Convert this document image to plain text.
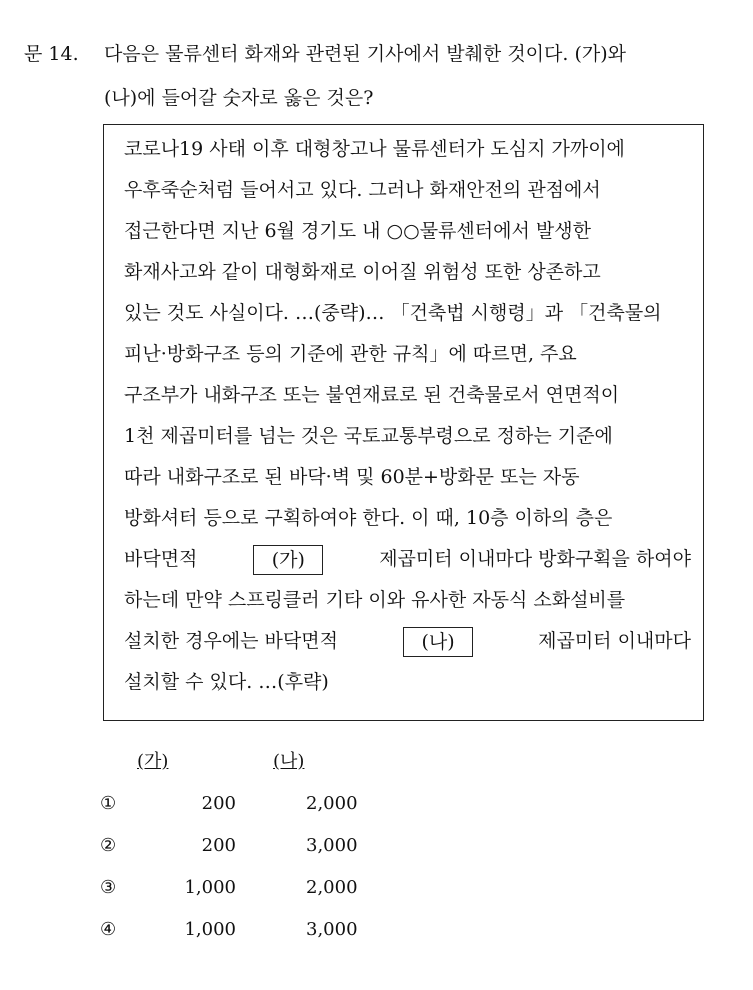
문 14.	다음은 물류센터 화재와 관련된 기사에서 발췌한 것이다. (가)와
(나)에 들어갈 숫자로 옳은 것은?
코로나19 사태 이후 대형창고나 물류센터가 도심지 가까이에
우후죽순처럼 들어서고 있다. 그러나 화재안전의 관점에서
접근한다면 지난 6월 경기도 내 ○○물류센터에서 발생한
화재사고와 같이 대형화재로 이어질 위험성 또한 상존하고
있는 것도 사실이다. …(중략)… 「건축법 시행령」과 「건축물의
피난·방화구조 등의 기준에 관한 규칙」에 따르면, 주요
구조부가 내화구조 또는 불연재료로 된 건축물로서 연면적이
1천 제곱미터를 넘는 것은 국토교통부령으로 정하는 기준에
따라 내화구조로 된 바닥·벽 및 60분+방화문 또는 자동
방화셔터 등으로 구획하여야 한다. 이 때, 10층 이하의 층은
바닥면적	(가)	제곱미터 이내마다 방화구획을 하여야
하는데 만약 스프링클러 기타 이와 유사한 자동식 소화설비를
설치한 경우에는 바닥면적	(나)	제곱미터 이내마다
설치할 수 있다. …(후략)
(가)	(나)
①	200	2,000
②	200	3,000
③	1,000	2,000
④	1,000	3,000
